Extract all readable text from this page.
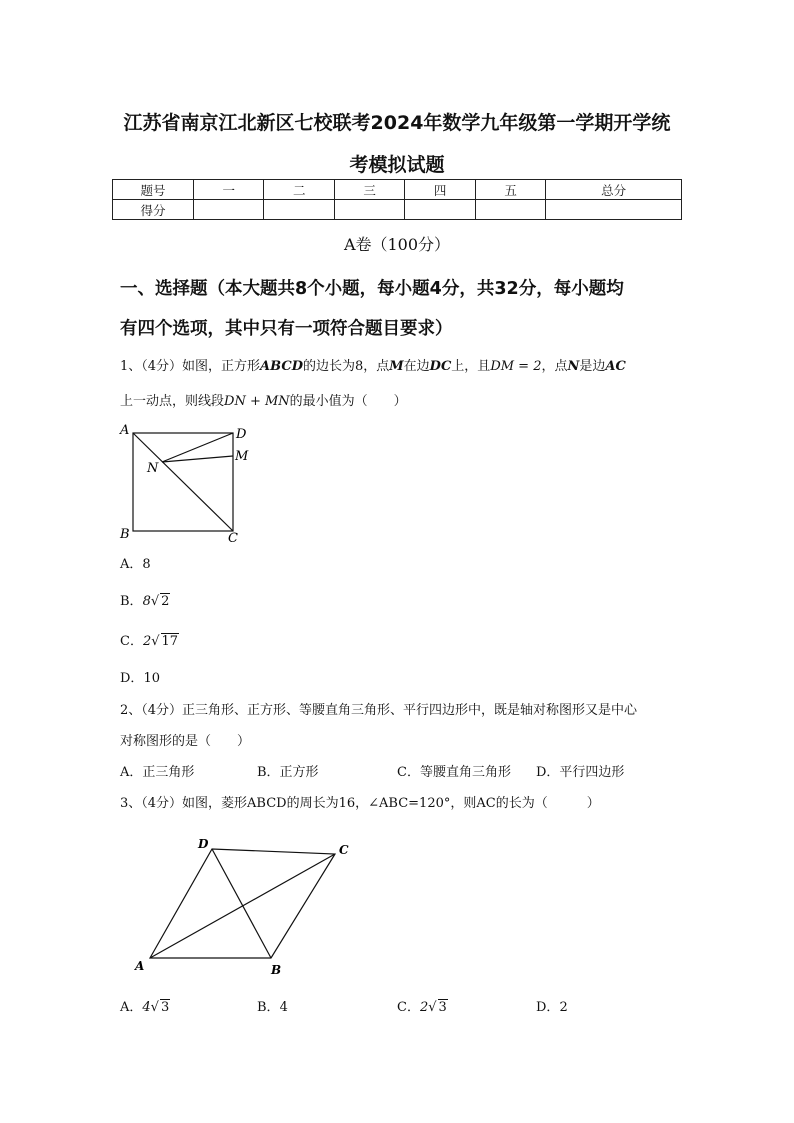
江苏省南京江北新区七校联考2024年数学九年级第一学期开学统
考模拟试题
题号	一	二	三	四	五	总分
得分						
A卷（100分）
一、选择题（本大题共8个小题，每小题4分，共32分，每小题均
有四个选项，其中只有一项符合题目要求）
1、（4分）如图，正方形ABCD的边长为8，点M在边DC上，且DM = 2，点N是边AC
上一动点，则线段DN + MN的最小值为（　　）
A	D
M
N
B	C
A．8
B．8√ 2
C．2√ 17
D．10
2、（4分）正三角形、正方形、等腰直角三角形、平行四边形中，既是轴对称图形又是中心
对称图形的是（　　）
A．正三角形	B．正方形	C．等腰直角三角形 D．平行四边形
3、（4分）如图，菱形ABCD的周长为16，∠ABC=120°，则AC的长为（　　　）
D	C
A	B
A．4√ 3	B．4	C．2√ 3	D．2
